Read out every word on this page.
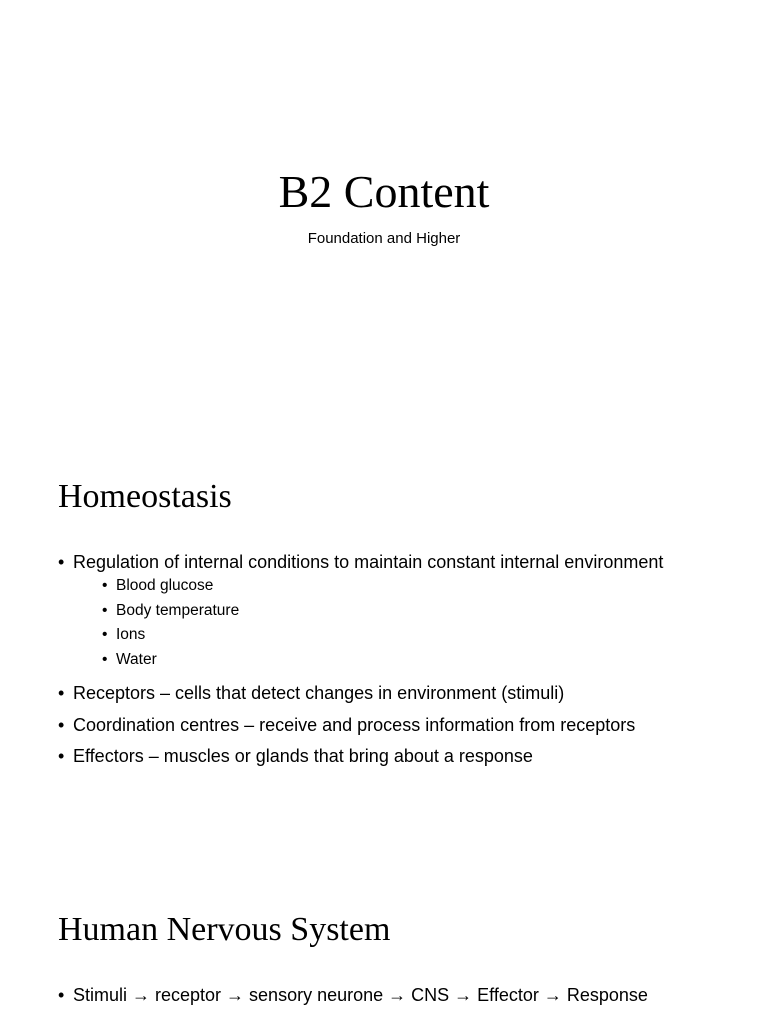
B2 Content
Foundation and Higher
Homeostasis
• Regulation of internal conditions to maintain constant internal environment
• Blood glucose
• Body temperature
• Ions
• Water
• Receptors – cells that detect changes in environment (stimuli)
• Coordination centres – receive and process information from receptors
• Effectors – muscles or glands that bring about a response
Human Nervous System
• Stimuli → receptor → sensory neurone → CNS → Effector → Response
